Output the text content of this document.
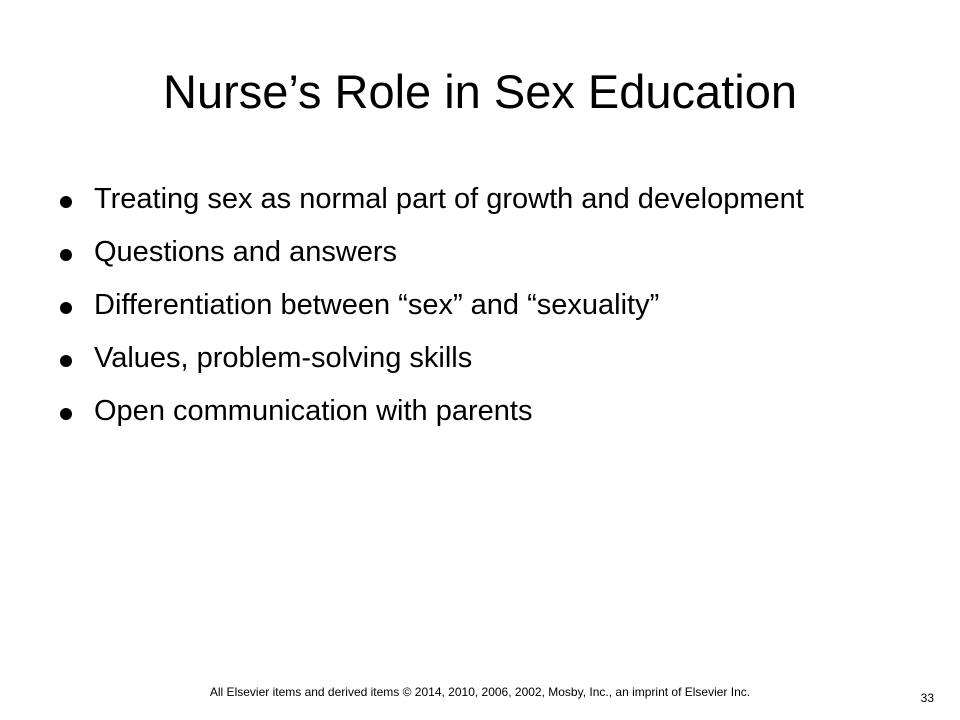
Nurse’s Role in Sex Education
Treating sex as normal part of growth and development
Questions and answers
Differentiation between “sex” and “sexuality”
Values, problem-solving skills
Open communication with parents
All Elsevier items and derived items © 2014, 2010, 2006, 2002, Mosby, Inc., an imprint of Elsevier Inc.	33
